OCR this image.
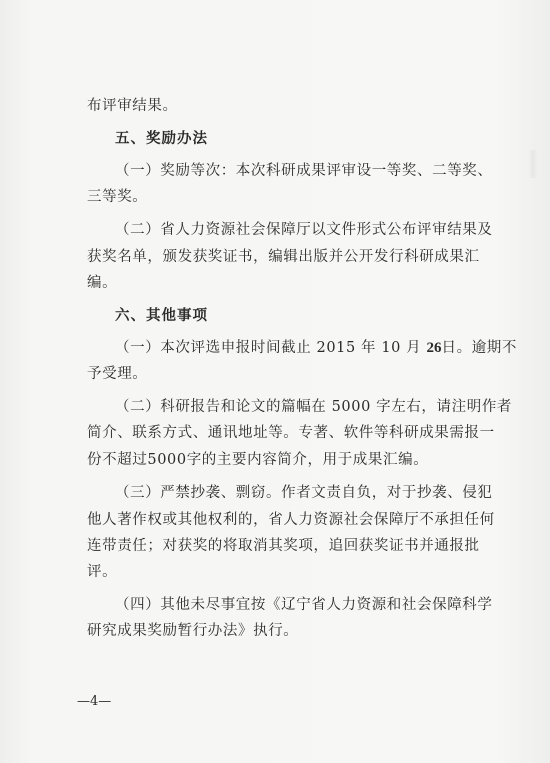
布评审结果。
五、奖励办法
（一）奖励等次：本次科研成果评审设一等奖、二等奖、
三等奖。
（二）省人力资源社会保障厅以文件形式公布评审结果及
获奖名单，颁发获奖证书，编辑出版并公开发行科研成果汇
编。
六、其他事项
（一）本次评选申报时间截止 2015 年 10 月 26日。逾期不
予受理。
（二）科研报告和论文的篇幅在 5000 字左右，请注明作者
简介、联系方式、通讯地址等。专著、软件等科研成果需报一
份不超过5000字的主要内容简介，用于成果汇编。
（三）严禁抄袭、剽窃。作者文责自负，对于抄袭、侵犯
他人著作权或其他权利的，省人力资源社会保障厅不承担任何
连带责任；对获奖的将取消其奖项，追回获奖证书并通报批
评。
（四）其他未尽事宜按《辽宁省人力资源和社会保障科学
研究成果奖励暂行办法》执行。
—4—
